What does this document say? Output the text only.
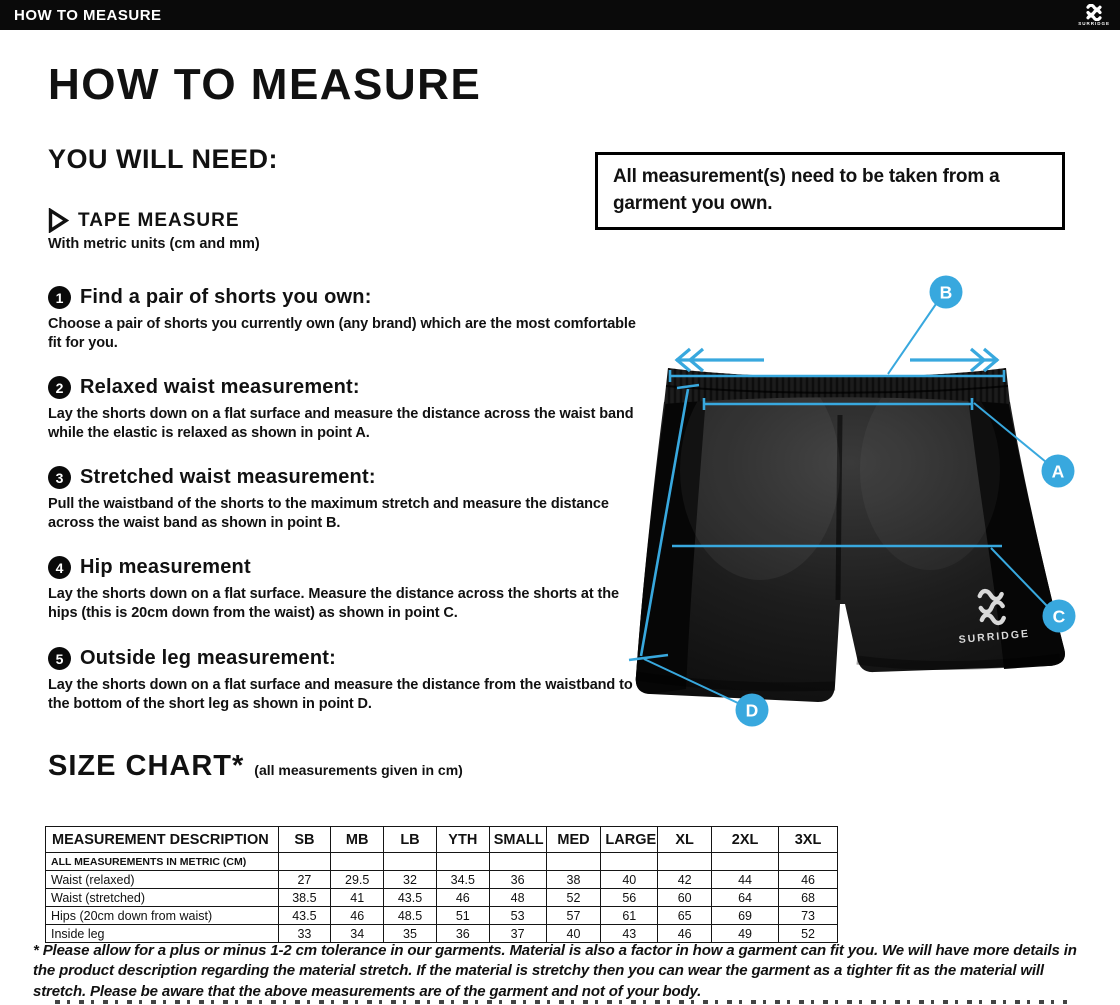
HOW TO MEASURE	SURRIDGE
HOW TO MEASURE
YOU WILL NEED:

All measurement(s) need to be taken from a garment you own.

TAPE MEASURE
With metric units (cm and mm)
1 Find a pair of shorts you own:

Choose a pair of shorts you currently own (any brand) which are the most comfortable fit for you.

2 Relaxed waist measurement:

Lay the shorts down on a flat surface and measure the distance across the waist band while the elastic is relaxed as shown in point A.

3 Stretched waist measurement:

Pull the waistband of the shorts to the maximum stretch and measure the distance across the waist band as shown in point B.

4 Hip measurement

Lay the shorts down on a flat surface. Measure the distance across the shorts at the hips (this is 20cm down from the waist) as shown in point C.

5 Outside leg measurement:

Lay the shorts down on a flat surface and measure the distance from the waistband to the bottom of the short leg as shown in point D.

SURRIDGE
B
A
C
D
SIZE CHART* (all measurements given in cm)
MEASUREMENT DESCRIPTION	SB	MB	LB	YTH	SMALL	MED	LARGE	XL	2XL	3XL
ALL MEASUREMENTS IN METRIC (CM)										
Waist (relaxed)	27	29.5	32	34.5	36	38	40	42	44	46
Waist (stretched)	38.5	41	43.5	46	48	52	56	60	64	68
Hips (20cm down from waist)	43.5	46	48.5	51	53	57	61	65	69	73
Inside leg	33	34	35	36	37	40	43	46	49	52

* Please allow for a plus or minus 1-2 cm tolerance in our garments. Material is also a factor in how a garment can fit you. We will have more details in the product description regarding the material stretch. If the material is stretchy then you can wear the garment as a tighter fit as the material will stretch. Please be aware that the above measurements are of the garment and not of your body.
